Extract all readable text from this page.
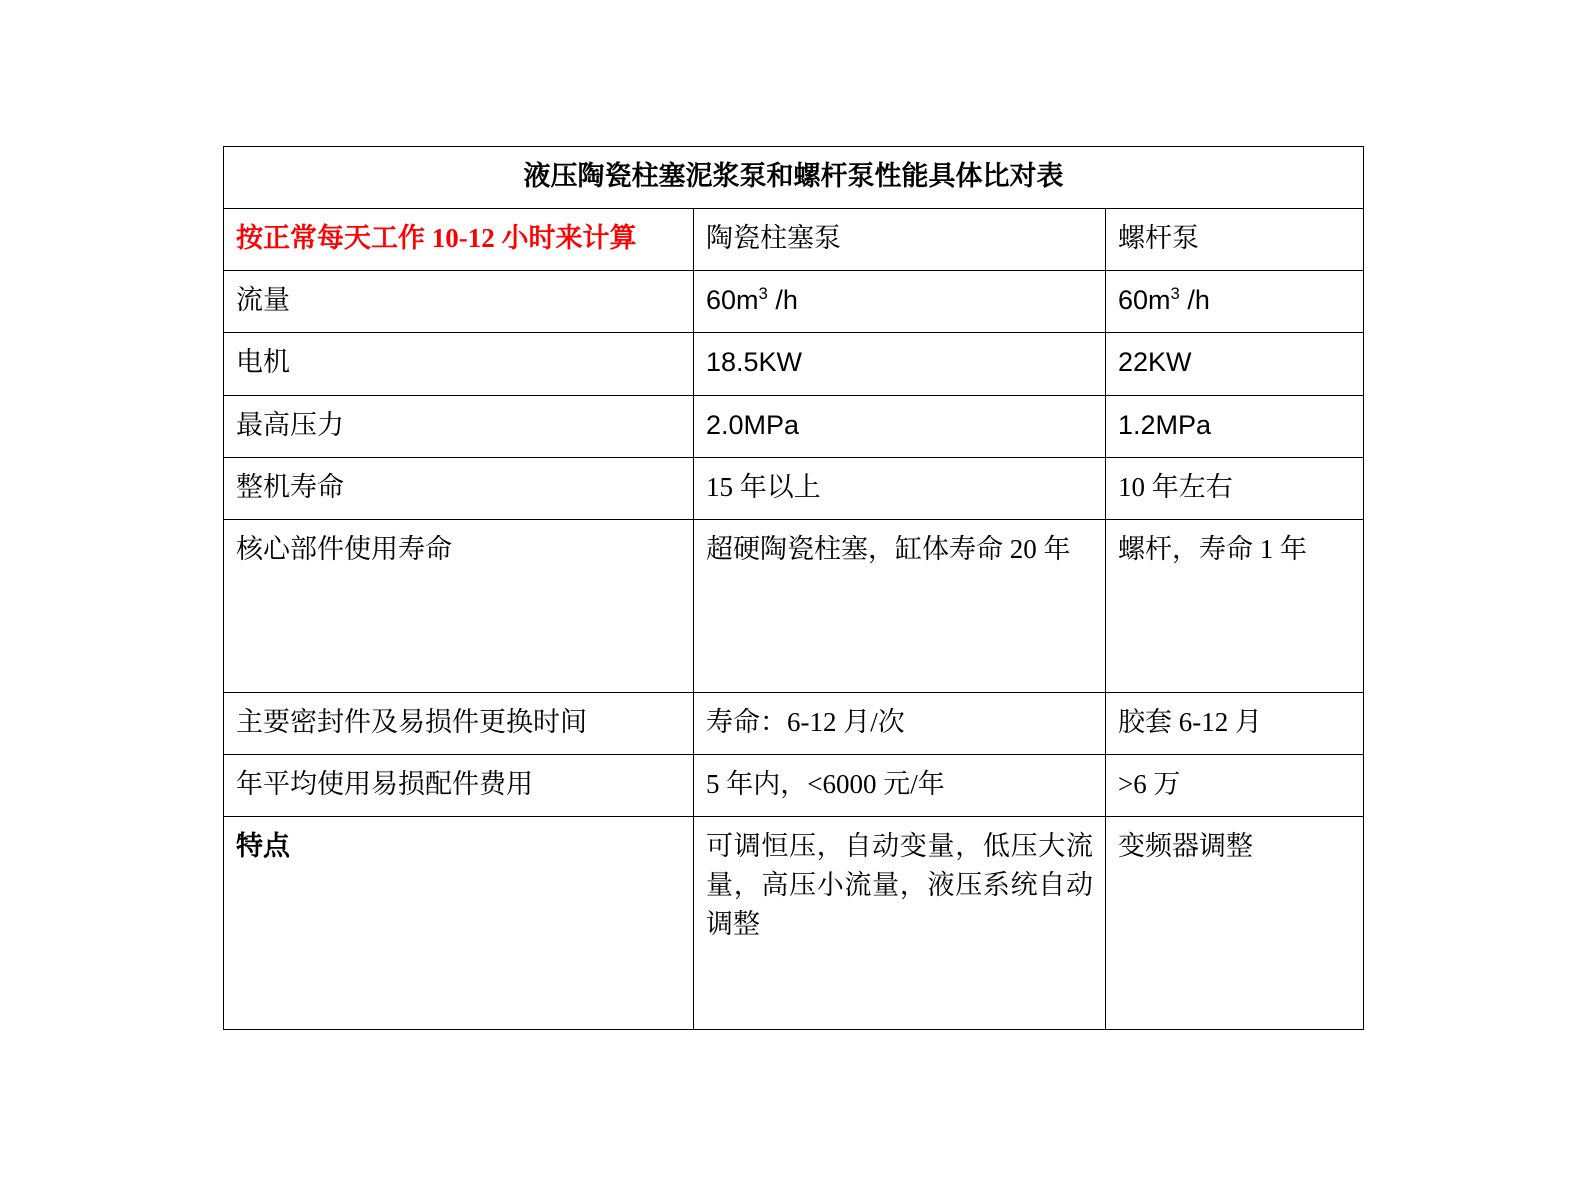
液压陶瓷柱塞泥浆泵和螺杆泵性能具体比对表		
按正常每天工作 10-12 小时来计算	陶瓷柱塞泵	螺杆泵
流量	$60m^3$ /h	$60m^3$ /h
电机	18.5KW	22KW
最高压力	2.0MPa	1.2MPa
整机寿命	15 年以上	10 年左右
核心部件使用寿命	超硬陶瓷柱塞，缸体寿命 20 年	螺杆，寿命 1 年
主要密封件及易损件更换时间	寿命：6-12 月/次	胶套 6-12 月
年平均使用易损配件费用	5 年内，<6000 元/年	>6 万
特点	可调恒压，自动变量，低压大流量，高压小流量，液压系统自动调整	变频器调整
